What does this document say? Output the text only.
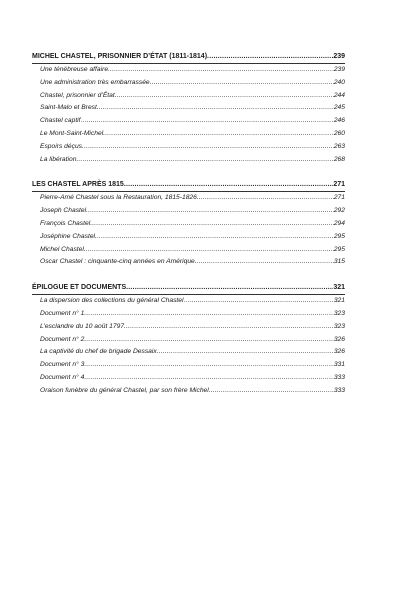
MICHEL CHASTEL, PRISONNIER D’ÉTAT (1811-1814) .....	239
Une ténébreuse affaire .....	239
Une administration très embarrassée .....	240
Chastel, prisonnier d’État .....	244
Saint-Malo et Brest .....	245
Chastel captif .....	246
Le Mont-Saint-Michel .....	260
Espoirs déçus .....	263
La libération .....	268
LES CHASTEL APRÈS 1815 .....	271
Pierre-Amé Chastel sous la Restauration, 1815-1826 .....	271
Joseph Chastel .....	292
François Chastel .....	294
Joséphine Chastel .....	295
Michel Chastel .....	295
Oscar Chastel : cinquante-cinq années en Amérique .....	315
ÉPILOGUE ET DOCUMENTS .....	321
La dispersion des collections du général Chastel .....	321
Document n° 1 .....	323
L’esclandre du 10 août 1797 .....	323
Document n° 2 .....	326
La captivité du chef de brigade Dessaix .....	326
Document n° 3 .....	331
Document n° 4 .....	333
Oraison funèbre du général Chastel, par son frère Michel .....	333
